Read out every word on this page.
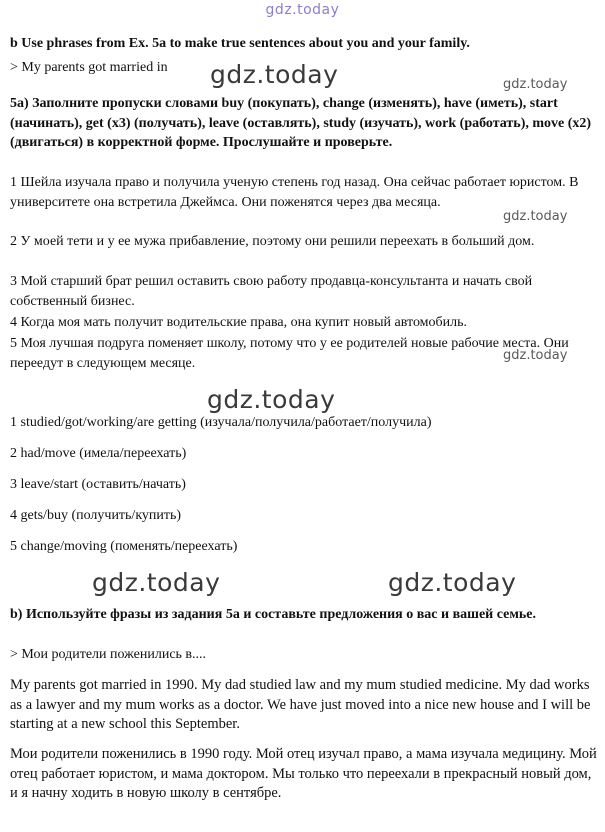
gdz.today
b Use phrases from Ex. 5a to make true sentences about you and your family.
> My parents got married in	gdz.today	gdz.today
5а) Заполните пропуски словами buy (покупать), change (изменять), have (иметь), start (начинать), get (x3) (получать), leave (оставлять), study (изучать), work (работать), move (x2) (двигаться) в корректной форме. Прослушайте и проверьте.
1 Шейла изучала право и получила ученую степень год назад. Она сейчас работает юристом. В университете она встретила Джеймса. Они поженятся через два месяца.
gdz.today
2 У моей тети и у ее мужа прибавление, поэтому они решили переехать в больший дом.
3 Мой старший брат решил оставить свою работу продавца-консультанта и начать свой собственный бизнес.
4 Когда моя мать получит водительские права, она купит новый автомобиль.
5 Моя лучшая подруга поменяет школу, потому что у ее родителей новые рабочие места. Они переедут в следующем месяце.	gdz.today
gdz.today
1 studied/got/working/are getting (изучала/получила/работает/получила)
2 had/move (имела/переехать)
3 leave/start (оставить/начать)
4 gets/buy (получить/купить)
5 change/moving (поменять/переехать)
gdz.today	gdz.today
b) Используйте фразы из задания 5а и составьте предложения о вас и вашей семье.
> Мои родители поженились в....
My parents got married in 1990. My dad studied law and my mum studied medicine. My dad works as a lawyer and my mum works as a doctor. We have just moved into a nice new house and I will be starting at a new school this September.
Мои родители поженились в 1990 году. Мой отец изучал право, а мама изучала медицину. Мой отец работает юристом, и мама доктором. Мы только что переехали в прекрасный новый дом, и я начну ходить в новую школу в сентябре.
